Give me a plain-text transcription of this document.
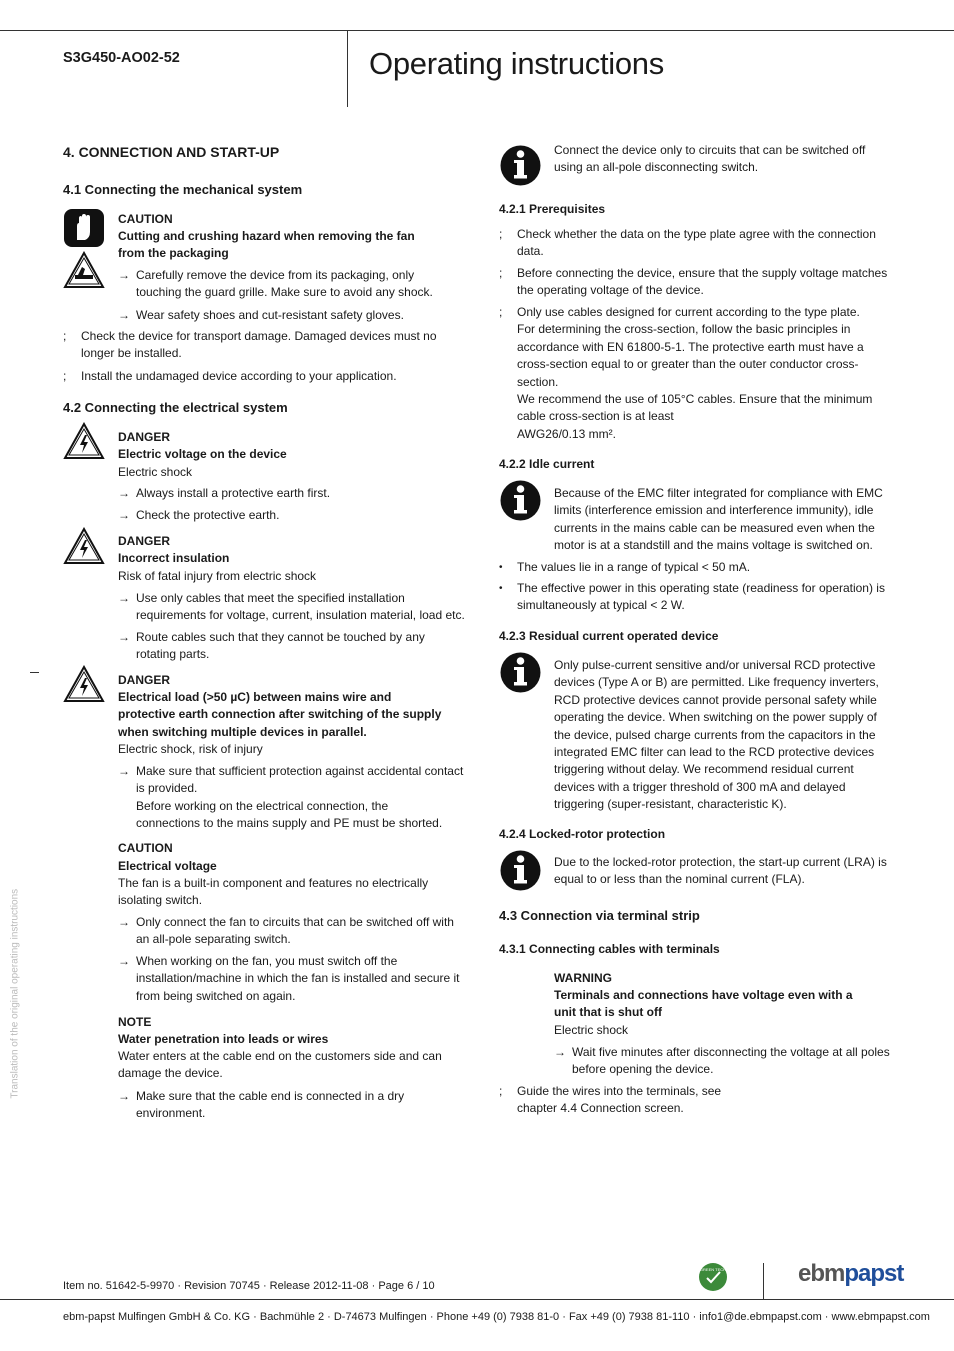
S3G450-AO02-52	Operating instructions
Translation of the original operating instructions
4. CONNECTION AND START-UP
4.1 Connecting the mechanical system
CAUTION
Cutting and crushing hazard when removing the fan
from the packaging
→ Carefully remove the device from its packaging, only

touching the guard grille. Make sure to avoid any shock.

→ Wear safety shoes and cut-resistant safety gloves.

; Check the device for transport damage. Damaged devices must no

longer be installed.

; Install the undamaged device according to your application.

4.2 Connecting the electrical system
DANGER
Electric voltage on the device
Electric shock
→ Always install a protective earth first.

→ Check the protective earth.

DANGER
Incorrect insulation
Risk of fatal injury from electric shock
→ Use only cables that meet the specified installation

requirements for voltage, current, insulation material, load etc.

→ Route cables such that they cannot be touched by any

rotating parts.

DANGER
Electrical load (>50 µC) between mains wire and
protective earth connection after switching of the supply
when switching multiple devices in parallel.
Electric shock, risk of injury
→ Make sure that sufficient protection against accidental contact

is provided.

Before working on the electrical connection, the

connections to the mains supply and PE must be shorted.

CAUTION
Electrical voltage

The fan is a built-in component and features no electrically

isolating switch.

→ Only connect the fan to circuits that can be switched off with

an all-pole separating switch.

→ When working on the fan, you must switch off the

installation/machine in which the fan is installed and secure it

from being switched on again.

NOTE
Water penetration into leads or wires

Water enters at the cable end on the customers side and can

damage the device.

→ Make sure that the cable end is connected in a dry

environment.

Connect the device only to circuits that can be switched off

using an all-pole disconnecting switch.

4.2.1 Prerequisites
; Check whether the data on the type plate agree with the connection

data.

; Before connecting the device, ensure that the supply voltage matches

the operating voltage of the device.

; Only use cables designed for current according to the type plate.

For determining the cross-section, follow the basic principles in

accordance with EN 61800-5-1. The protective earth must have a

cross-section equal to or greater than the outer conductor cross-

section.

We recommend the use of 105°C cables. Ensure that the minimum

cable cross-section is at least

AWG26/0.13 mm².

4.2.2 Idle current

Because of the EMC filter integrated for compliance with EMC

limits (interference emission and interference immunity), idle

currents in the mains cable can be measured even when the

motor is at a standstill and the mains voltage is switched on.

• The values lie in a range of typical < 50 mA.

• The effective power in this operating state (readiness for operation) is

simultaneously at typical < 2 W.

4.2.3 Residual current operated device

Only pulse-current sensitive and/or universal RCD protective

devices (Type A or B) are permitted. Like frequency inverters,

RCD protective devices cannot provide personal safety while

operating the device. When switching on the power supply of

the device, pulsed charge currents from the capacitors in the

integrated EMC filter can lead to the RCD protective devices

triggering without delay. We recommend residual current

devices with a trigger threshold of 300 mA and delayed

triggering (super-resistant, characteristic K).

4.2.4 Locked-rotor protection

Due to the locked-rotor protection, the start-up current (LRA) is

equal to or less than the nominal current (FLA).

4.3 Connection via terminal strip
4.3.1 Connecting cables with terminals
WARNING
Terminals and connections have voltage even with a
unit that is shut off
Electric shock
→ Wait five minutes after disconnecting the voltage at all poles

before opening the device.

; Guide the wires into the terminals, see

chapter 4.4 Connection screen.

Item no. 51642-5-9970 · Revision 70745 · Release 2012-11-08 · Page 6 / 10
GREEN TECH	ebmpapst
ebm-papst Mulfingen GmbH & Co. KG · Bachmühle 2 · D-74673 Mulfingen · Phone +49 (0) 7938 81-0 · Fax +49 (0) 7938 81-110 · info1@de.ebmpapst.com · www.ebmpapst.com
